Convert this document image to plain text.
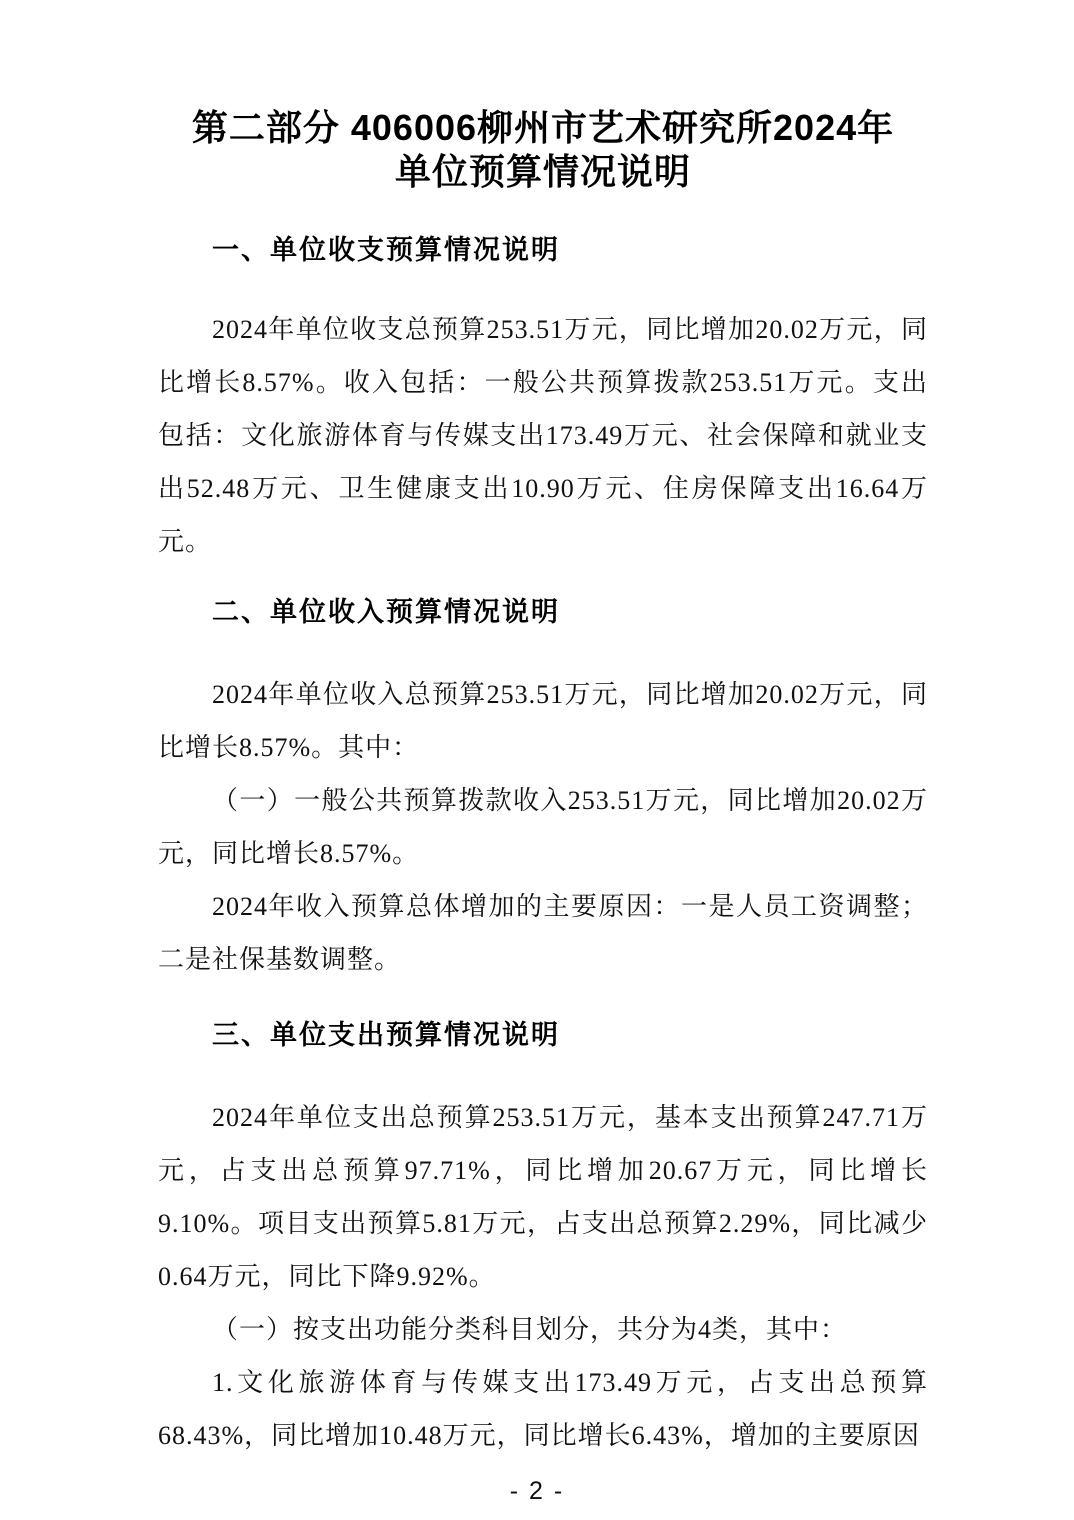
第二部分 406006柳州市艺术研究所2024年
单位预算情况说明
一、单位收支预算情况说明

2024年单位收支总预算253.51万元，同比增加20.02万元，同比增长8.57%。收入包括：一般公共预算拨款253.51万元。支出包括：文化旅游体育与传媒支出173.49万元、社会保障和就业支出52.48万元、卫生健康支出10.90万元、住房保障支出16.64万元。

二、单位收入预算情况说明

2024年单位收入总预算253.51万元，同比增加20.02万元，同比增长8.57%。其中：

（一）一般公共预算拨款收入253.51万元，同比增加20.02万元，同比增长8.57%。

2024年收入预算总体增加的主要原因：一是人员工资调整；二是社保基数调整。

三、单位支出预算情况说明

2024年单位支出总预算253.51万元，基本支出预算247.71万元，占支出总预算97.71%，同比增加20.67万元，同比增长9.10%。项目支出预算5.81万元，占支出总预算2.29%，同比减少0.64万元，同比下降9.92%。

（一）按支出功能分类科目划分，共分为4类，其中：

1.文化旅游体育与传媒支出173.49万元，占支出总预算68.43%，同比增加10.48万元，同比增长6.43%，增加的主要原因

- 2 -
